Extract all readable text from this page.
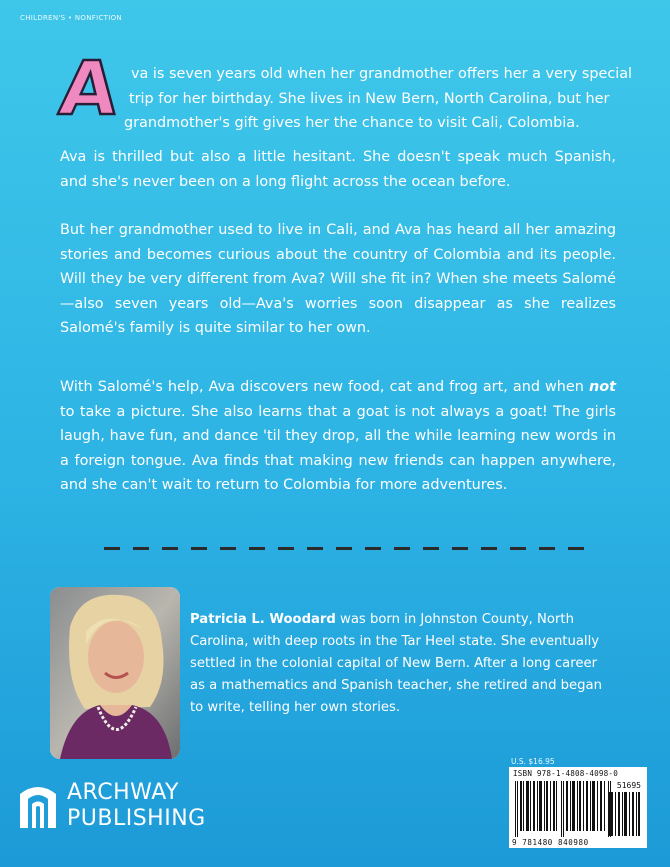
CHILDREN'S • NONFICTION
A va is seven years old when her grandmother offers her a very special
trip for her birthday. She lives in New Bern, North Carolina, but her
grandmother's gift gives her the chance to visit Cali, Colombia.

Ava is thrilled but also a little hesitant. She doesn't speak much Spanish, and she's never been on a long flight across the ocean before.

But her grandmother used to live in Cali, and Ava has heard all her amazing stories and becomes curious about the country of Colombia and its people. Will they be very different from Ava? Will she fit in? When she meets Salomé—also seven years old—Ava's worries soon disappear as she realizes Salomé's family is quite similar to her own.

With Salomé's help, Ava discovers new food, cat and frog art, and when not to take a picture. She also learns that a goat is not always a goat! The girls laugh, have fun, and dance 'til they drop, all the while learning new words in a foreign tongue. Ava finds that making new friends can happen anywhere, and she can't wait to return to Colombia for more adventures.

Patricia L. Woodard was born in Johnston County, North Carolina, with deep roots in the Tar Heel state. She eventually settled in the colonial capital of New Bern. After a long career as a mathematics and Spanish teacher, she retired and began to write, telling her own stories.

U.S. $16.95
ISBN 978-1-4808-4098-0
51695
9 781480 840980
ARCHWAY
PUBLISHING
